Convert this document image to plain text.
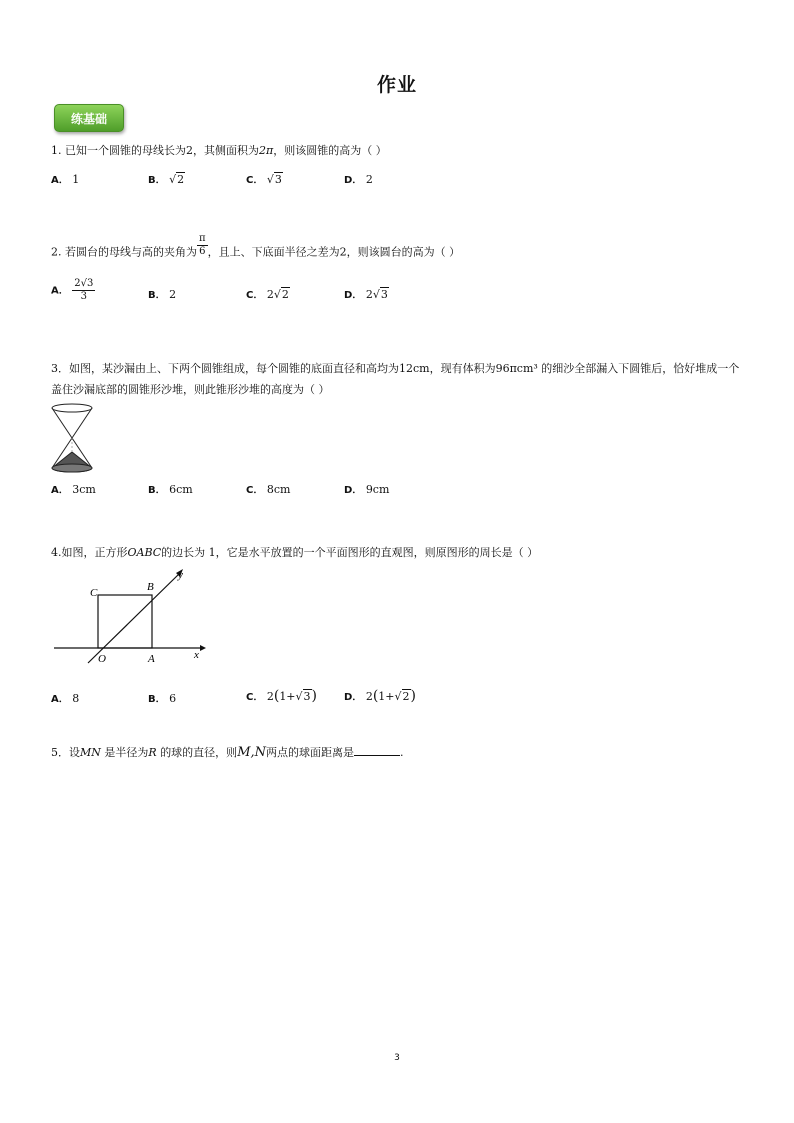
作业
练基础
1. 已知一个圆锥的母线长为2，其侧面积为2π，则该圆锥的高为（ ）
A． 1	B． √2	C． √3	D． 2
2. 若圆台的母线与高的夹角为 $\frac{\pi}{6}$ ，且上、下底面半径之差为2，则该圆台的高为（ ）
A． $\frac{2√3}{3}$	B． 2	C． 2√2	D． 2√3
3．如图，某沙漏由上、下两个圆锥组成，每个圆锥的底面直径和高均为12cm，现有体积为96πcm³ 的细沙全部漏入下圆锥后，恰好堆成一个
盖住沙漏底部的圆锥形沙堆，则此锥形沙堆的高度为（ ）
A． 3cm	B． 6cm	C． 8cm	D． 9cm
4.如图，正方形OABC的边长为 1，它是水平放置的一个平面图形的直观图，则原图形的周长是（ ）
C	B
y
O	A	x
A． 8	B． 6	C． 2(1+√3)	D． 2(1+√2)
5．设MN 是半径为R 的球的直径，则M,N两点的球面距离是	.
3
